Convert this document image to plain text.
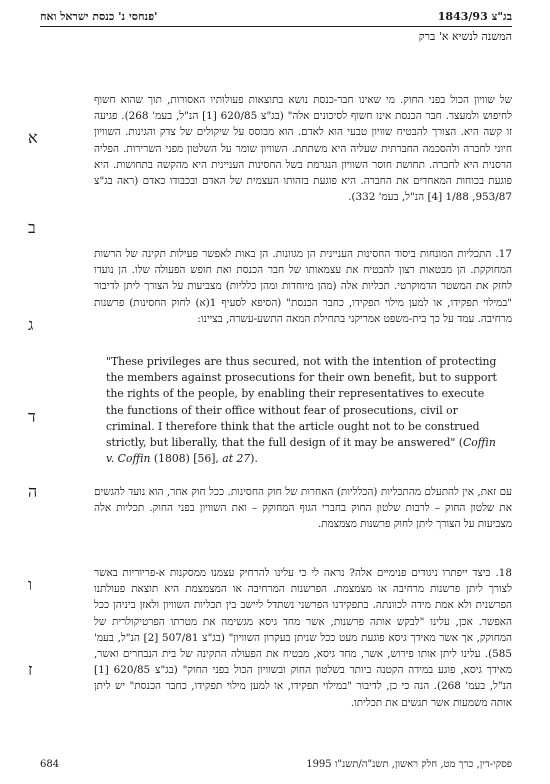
בג"צ 1843/93
פנחסי נ' כנסת ישראל ואח'
המשנה לנשיא א' ברק

של שוויון הכול בפני החוק. מי שאינו חבר-כנסת נושא בתוצאות פעולותיו האסורות, תוך שהוא חשוף לחיפוש ולמעצר. חבר הכנסת אינו חשוף לסיכונים אלה" (בג"צ 620/85 [1] הנ"ל, בעמ' 268). פגיעה זו קשה היא. הצורך להבטיח שוויון טבעי הוא לאדם. הוא מבוסס על שיקולים של צדק והגינות. השוויון חיוני לחברה ולהסכמה החברתית שעליה היא משתתת. השוויון שומר על השלטון מפני השרירות. הפליה הרסנית היא לחברה. תחושת חוסר השוויון הנגרמת בשל החסינות העניינית היא מהקשה בתחושות. היא פוגעת בכוחות המאחדים את החברה. היא פוגעת בזהותו העצמית של האדם ובכבודו כאדם (ראה בג"צ 953/87, 1/88 [4] הנ"ל, בעמ' 332).

17. התכליות המונחות ביסוד החסינות העניינית הן מגוונות. הן באות לאפשר פעילות תקינה של הרשות המחוקקת. הן מבטאות רצון להבטיח את עצמאותו של חבר הכנסת ואת חופש הפעולה שלו. הן נועדו לחזק את המשטר הדמוקרטי. תכליות אלה (מהן מיוחדות ומהן כלליות) מצביעות על הצורך ליתן לדיבור "במילוי תפקידו, או למען מילוי תפקידו, כחבר הכנסת" (הסיפא לסעיף 1(א) לחוק החסינות) פרשנות מרחיבה. עמד על כך בית-משפט אמריקני בתחילת המאה התשע-עשרה, בציינו:

"These privileges are thus secured, not with the intention of protecting the members against prosecutions for their own benefit, but to support the rights of the people, by enabling their representatives to execute the functions of their office without fear of prosecutions, civil or criminal. I therefore think that the article ought not to be construed strictly, but liberally, that the full design of it may be answered" (Coffin v. Coffin (1808) [56], at 27).

עם זאת, אין להתעלם מהתכליות (הכלליות) האחרות של חוק החסינות. ככל חוק אחר, הוא נועד להגשים את שלטון החוק – לרבות שלטון החוק בחברי הגוף המחוקק – ואת השוויון בפני החוק. תכליות אלה מצביעות על הצורך ליתן לחוק פרשנות מצמצמת.

18. כיצד ייפתרו ניגודים פנימיים אלה? נראה לי כי עלינו להרחיק עצמנו ממסקנות א-פריוריות באשר לצורך ליתן פרשנות מרחיבה או מצמצמת. הפרשנות המרחיבה או המצמצמת היא תוצאת פעולתנו הפרשנית ולא אמת מידה לכוונתה. בתפקידנו הפרשני נשתדל ליישב בין תכליות השוויון ולאזן ביניהן ככל האפשר. אכן, עלינו "לבקש אותה פרשנות, אשר מחד גיסא מגשימה את מטרתו הפרטיקולרית של המחוקק, אך אשר מאידך גיסא פוגעת מעט ככל שניתן בעקרון השוויון" (בג"צ 507/81 [2] הנ"ל, בעמ' 585). עלינו ליתן אותו פירוש, אשר, מחד גיסא, מבטיח את הפעולה התקינה של בית הנבחרים ואשר, מאידך גיסא, פוגע במידה הקטנה ביותר בשלטון החוק ובשוויון הכול בפני החוק" (בג"צ 620/85 [1] הנ"ל, בעמ' 268). הנה כי כן, לדיבור "במילוי תפקידו, או למען מילוי תפקידו, כחבר הכנסת" יש ליתן אותה משמעות אשר תגשים את תכליתו.

א
ב
ג
ד
ה
ו
ז
פסקי-דין, כרך מט, חלק ראשון, תשנ"ה/תשנ"ו 1995
684
